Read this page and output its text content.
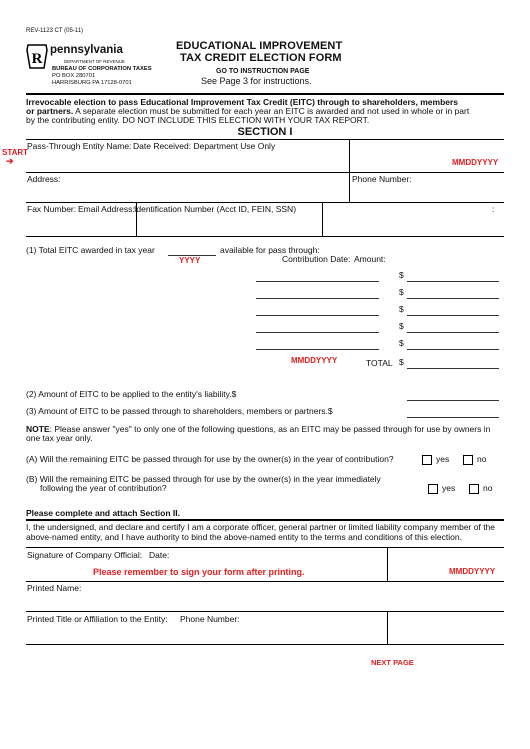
REV-1123 CT (05-11)
R
pennsylvania
DEPARTMENT OF REVENUE
BUREAU OF CORPORATION TAXES
PO BOX 280701
HARRISBURG PA 17128-0701
EDUCATIONAL IMPROVEMENT
TAX CREDIT ELECTION FORM
GO TO INSTRUCTION PAGE
See Page 3 for instructions.
Irrevocable election to pass Educational Improvement Tax Credit (EITC) through to shareholders, members
or partners. A separate election must be submitted for each year an EITC is awarded and not used in whole or in part
by the contributing entity. DO NOT INCLUDE THIS ELECTION WITH YOUR TAX REPORT.
SECTION I
START
➔
Pass-Through Entity Name: Date Received: Department Use Only
MMDDYYYY
Address:	Phone Number:
Fax Number: Email Address: Identification Number (Acct ID, FEIN, SSN)	:
(1) Total EITC awarded in tax year	available for pass through:
YYYY	Contribution Date: Amount:
$
$
$
$
$
MMDDYYYY	TOTAL $
(2) Amount of EITC to be applied to the entity's liability.$
(3) Amount of EITC to be passed through to shareholders, members or partners.$
NOTE: Please answer "yes" to only one of the following questions, as an EITC may be passed through for use by owners in
one tax year only.
(A) Will the remaining EITC be passed through for use by the owner(s) in the year of contribution?	yes	no
(B) Will the remaining EITC be passed through for use by the owner(s) in the year immediately
following the year of contribution?	yes	no
Please complete and attach Section II.
I, the undersigned, and declare and certify I am a corporate officer, general partner or limited liability company member of the
above-named entity, and I have authority to bind the above-named entity to the terms and conditions of this election.
Signature of Company Official: Date:
Please remember to sign your form after printing.	MMDDYYYY
Printed Name:
Printed Title or Affiliation to the Entity: Phone Number:
NEXT PAGE
